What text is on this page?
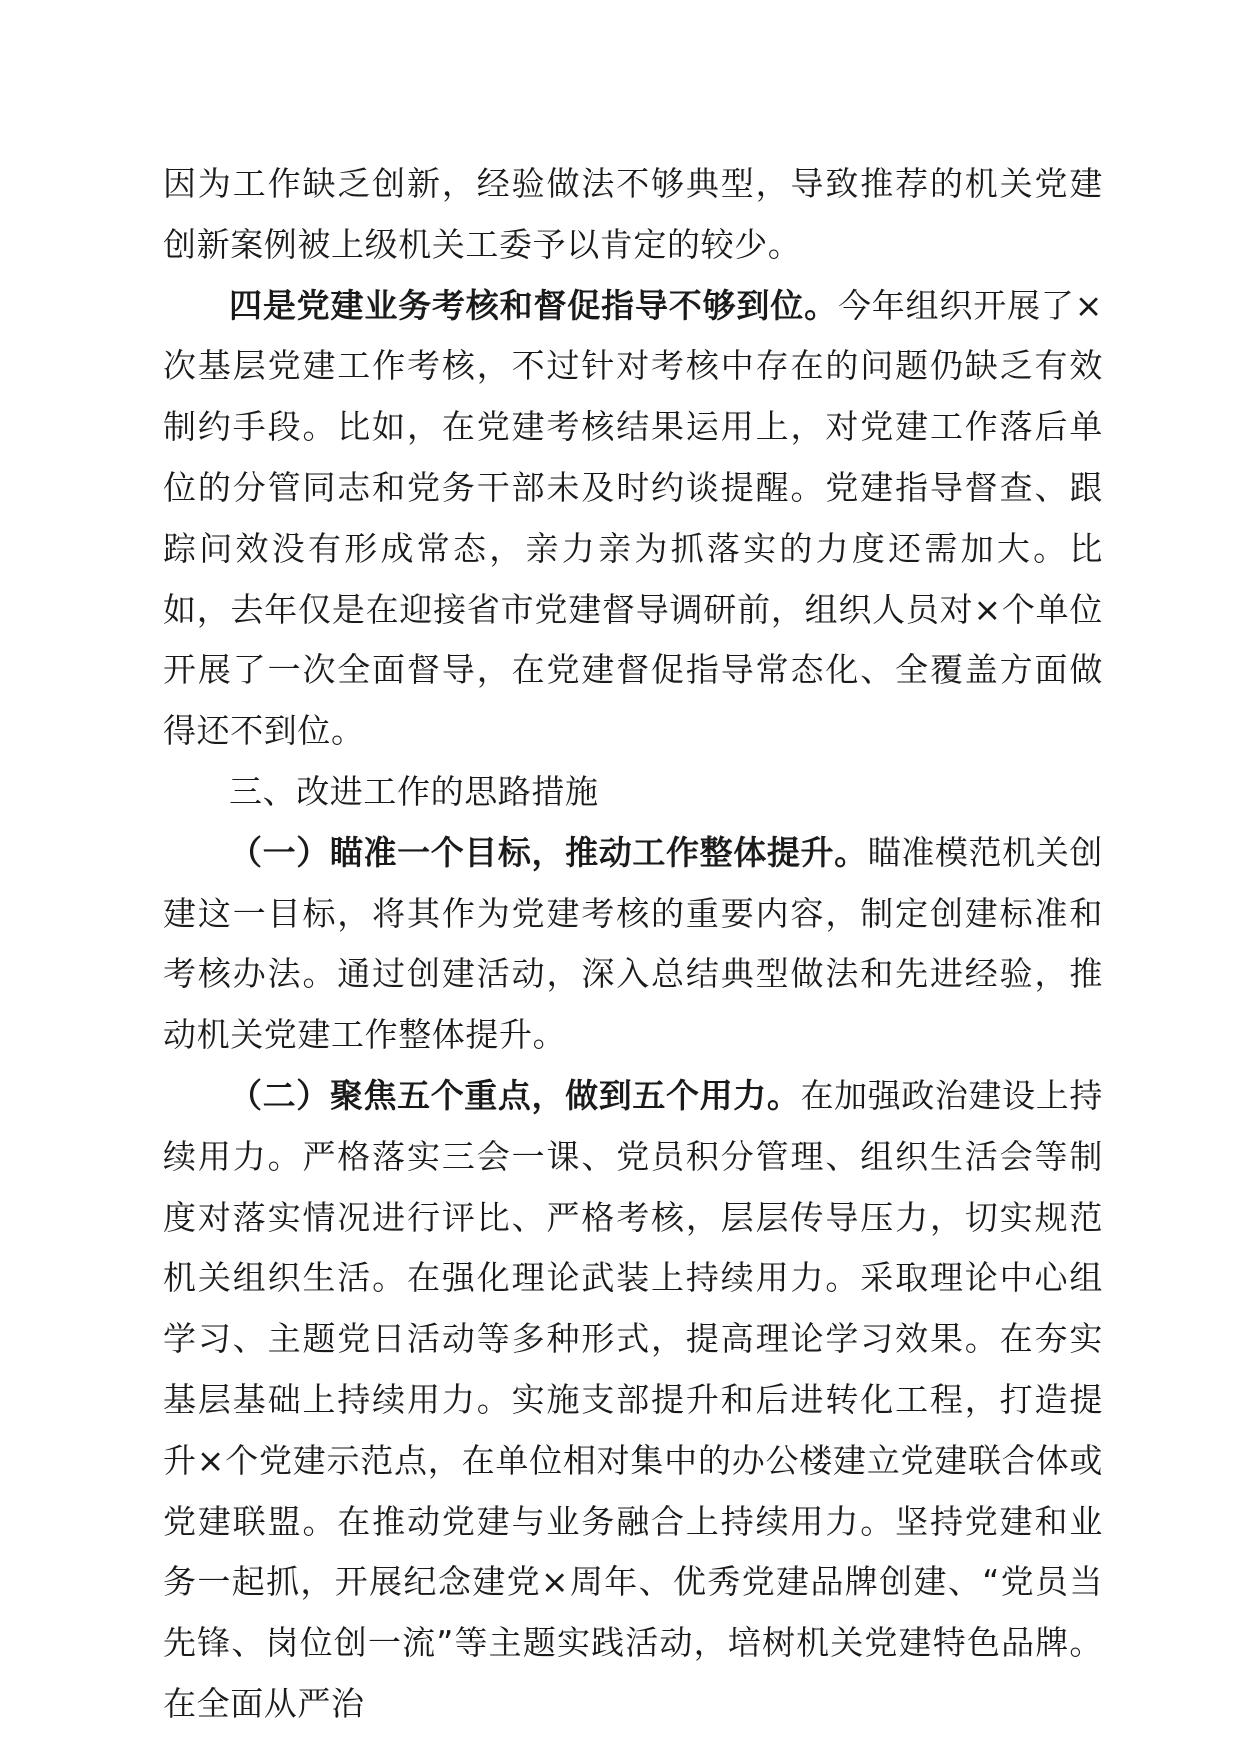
因为工作缺乏创新，经验做法不够典型，导致推荐的机关党建创新案例被上级机关工委予以肯定的较少。

四是党建业务考核和督促指导不够到位。今年组织开展了×次基层党建工作考核，不过针对考核中存在的问题仍缺乏有效制约手段。比如，在党建考核结果运用上，对党建工作落后单位的分管同志和党务干部未及时约谈提醒。党建指导督查、跟踪问效没有形成常态，亲力亲为抓落实的力度还需加大。比如，去年仅是在迎接省市党建督导调研前，组织人员对×个单位开展了一次全面督导，在党建督促指导常态化、全覆盖方面做得还不到位。

三、改进工作的思路措施

（一）瞄准一个目标，推动工作整体提升。瞄准模范机关创建这一目标，将其作为党建考核的重要内容，制定创建标准和考核办法。通过创建活动，深入总结典型做法和先进经验，推动机关党建工作整体提升。

（二）聚焦五个重点，做到五个用力。在加强政治建设上持续用力。严格落实三会一课、党员积分管理、组织生活会等制度对落实情况进行评比、严格考核，层层传导压力，切实规范机关组织生活。在强化理论武装上持续用力。采取理论中心组学习、主题党日活动等多种形式，提高理论学习效果。在夯实基层基础上持续用力。实施支部提升和后进转化工程，打造提升×个党建示范点，在单位相对集中的办公楼建立党建联合体或党建联盟。在推动党建与业务融合上持续用力。坚持党建和业务一起抓，开展纪念建党×周年、优秀党建品牌创建、“党员当先锋、岗位创一流”等主题实践活动，培树机关党建特色品牌。在全面从严治
